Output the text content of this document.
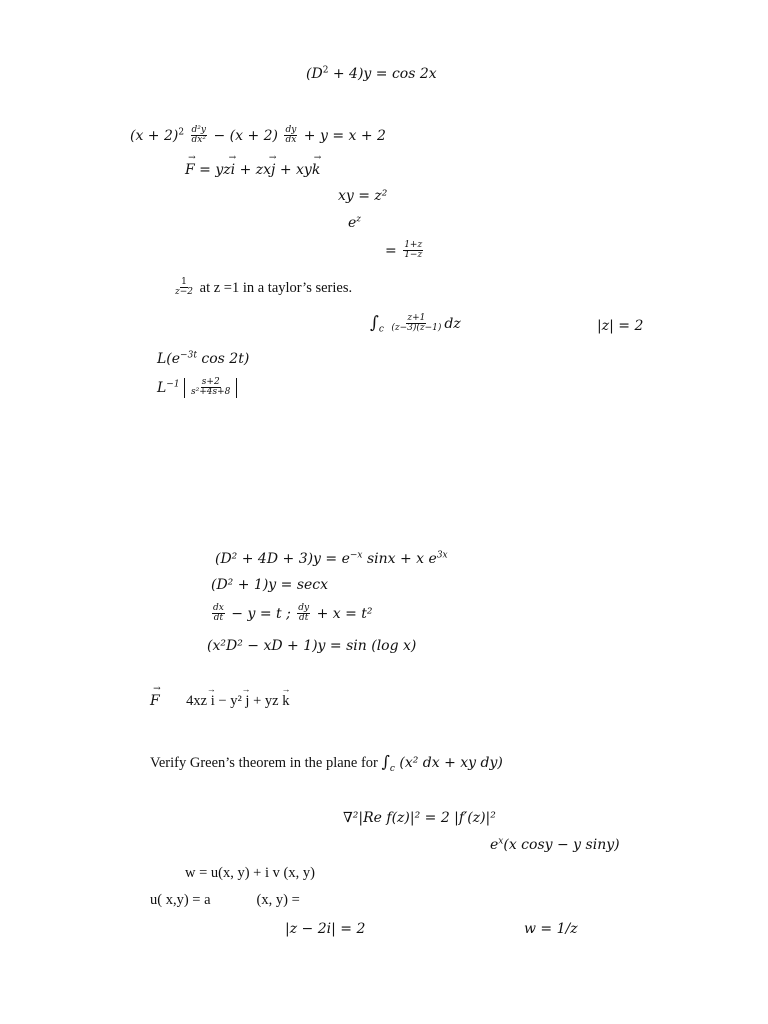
$(D^2 + 4)y = \cos 2x$
$(x + 2)^2 \frac{\text{d²y}}{\text{dx²}} - (x + 2) \frac{dy}{dx} + y = x + 2$
→ F = yz→ i + zx→ j + xy→ k
xy = z²
$e^z$
= $\frac{1+z}{1-z}$
$\frac{1}{z-2}$ at z =1 in a taylor’s series.
$\int_c \frac{z+1}{(z-3)(z-1)}$ dz	|z| = 2
$L(e^{-3t}$ cos 2t)
$L^{-1} \frac{s+2}{\text{s²+4s+8}}$
$(D^2 + 4D + 3)y = e^{-x}$ sinx + x $e^{3x}$
(D² + 1)y = secx
$\frac{dx}{dt} - y = t$ ; $\frac{dy}{dt} + x = t^2$
(x²D² − xD + 1)y = sin (log x)
→ F 4xz → i − y² → j + yz → k
Verify Green’s theorem in the plane for $\int_c$ (x² dx + xy dy)
∇²|Re f(z)|² = 2 |f′(z)|²
$e^x(x$ cosy − y siny)
w = u(x, y) + i v (x, y)
u( x,y) = a	(x, y) =
|z − 2i| = 2	w = 1/z
